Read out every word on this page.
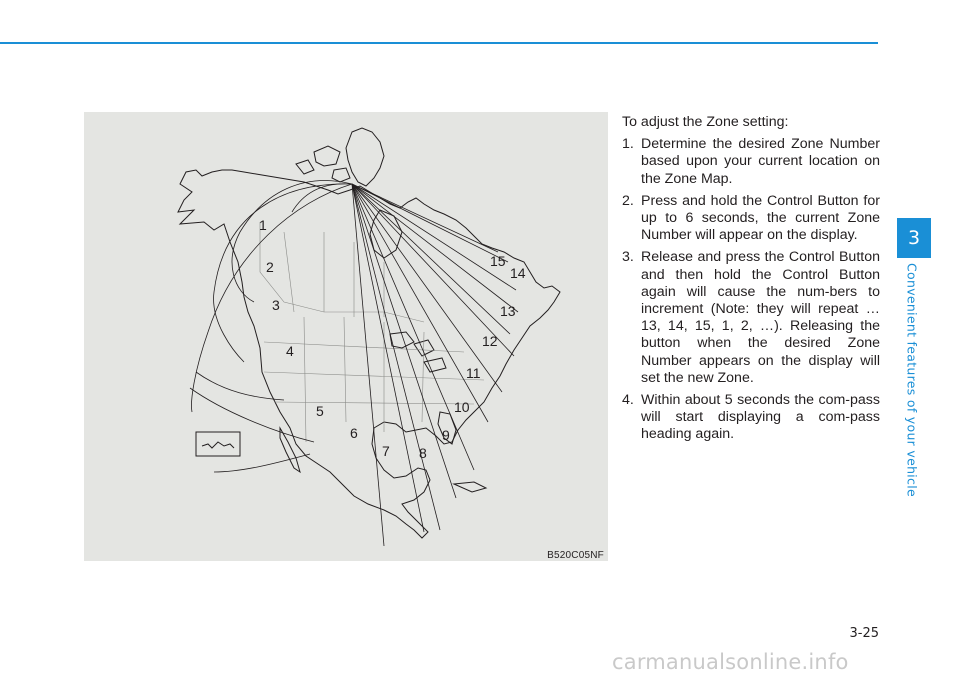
1
2
3
4
5
6
7 8
9
10
11
12
13
14
15
B520C05NF

To adjust the Zone setting:

1. Determine the desired Zone Number based upon your current location on the Zone Map.
2. Press and hold the Control Button for up to 6 seconds, the current Zone Number will appear on the display.
3. Release and press the Control Button and then hold the Control Button again will cause the num-bers to increment (Note: they will repeat …13, 14, 15, 1, 2, …). Releasing the button when the desired Zone Number appears on the display will set the new Zone.
4. Within about 5 seconds the com-pass will start displaying a com-pass heading again.
3
Convenient features of your vehicle
3-25
carmanualsonline.info
